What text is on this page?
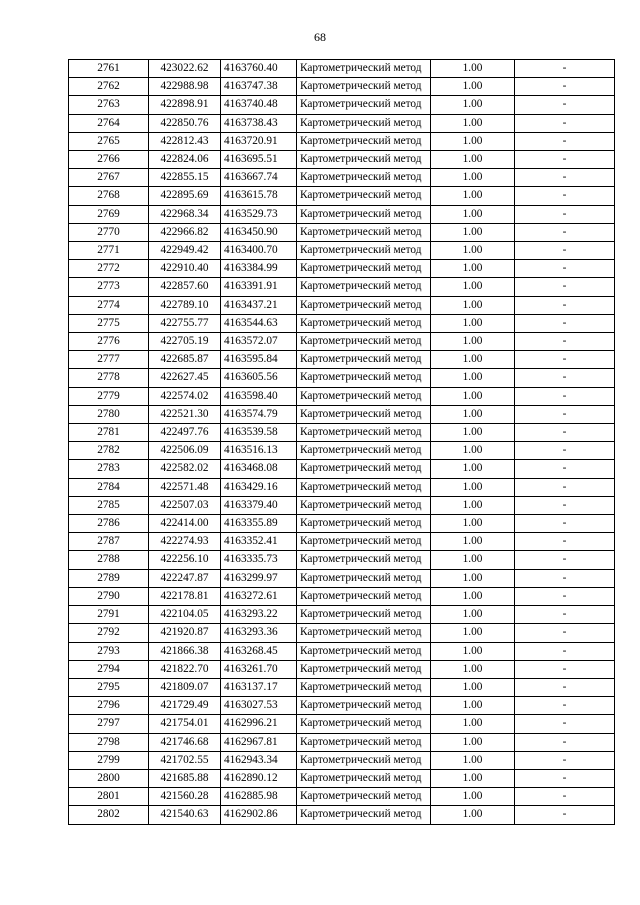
68
2761	423022.62	4163760.40	Картометрический метод	1.00	-
2762	422988.98	4163747.38	Картометрический метод	1.00	-
2763	422898.91	4163740.48	Картометрический метод	1.00	-
2764	422850.76	4163738.43	Картометрический метод	1.00	-
2765	422812.43	4163720.91	Картометрический метод	1.00	-
2766	422824.06	4163695.51	Картометрический метод	1.00	-
2767	422855.15	4163667.74	Картометрический метод	1.00	-
2768	422895.69	4163615.78	Картометрический метод	1.00	-
2769	422968.34	4163529.73	Картометрический метод	1.00	-
2770	422966.82	4163450.90	Картометрический метод	1.00	-
2771	422949.42	4163400.70	Картометрический метод	1.00	-
2772	422910.40	4163384.99	Картометрический метод	1.00	-
2773	422857.60	4163391.91	Картометрический метод	1.00	-
2774	422789.10	4163437.21	Картометрический метод	1.00	-
2775	422755.77	4163544.63	Картометрический метод	1.00	-
2776	422705.19	4163572.07	Картометрический метод	1.00	-
2777	422685.87	4163595.84	Картометрический метод	1.00	-
2778	422627.45	4163605.56	Картометрический метод	1.00	-
2779	422574.02	4163598.40	Картометрический метод	1.00	-
2780	422521.30	4163574.79	Картометрический метод	1.00	-
2781	422497.76	4163539.58	Картометрический метод	1.00	-
2782	422506.09	4163516.13	Картометрический метод	1.00	-
2783	422582.02	4163468.08	Картометрический метод	1.00	-
2784	422571.48	4163429.16	Картометрический метод	1.00	-
2785	422507.03	4163379.40	Картометрический метод	1.00	-
2786	422414.00	4163355.89	Картометрический метод	1.00	-
2787	422274.93	4163352.41	Картометрический метод	1.00	-
2788	422256.10	4163335.73	Картометрический метод	1.00	-
2789	422247.87	4163299.97	Картометрический метод	1.00	-
2790	422178.81	4163272.61	Картометрический метод	1.00	-
2791	422104.05	4163293.22	Картометрический метод	1.00	-
2792	421920.87	4163293.36	Картометрический метод	1.00	-
2793	421866.38	4163268.45	Картометрический метод	1.00	-
2794	421822.70	4163261.70	Картометрический метод	1.00	-
2795	421809.07	4163137.17	Картометрический метод	1.00	-
2796	421729.49	4163027.53	Картометрический метод	1.00	-
2797	421754.01	4162996.21	Картометрический метод	1.00	-
2798	421746.68	4162967.81	Картометрический метод	1.00	-
2799	421702.55	4162943.34	Картометрический метод	1.00	-
2800	421685.88	4162890.12	Картометрический метод	1.00	-
2801	421560.28	4162885.98	Картометрический метод	1.00	-
2802	421540.63	4162902.86	Картометрический метод	1.00	-
